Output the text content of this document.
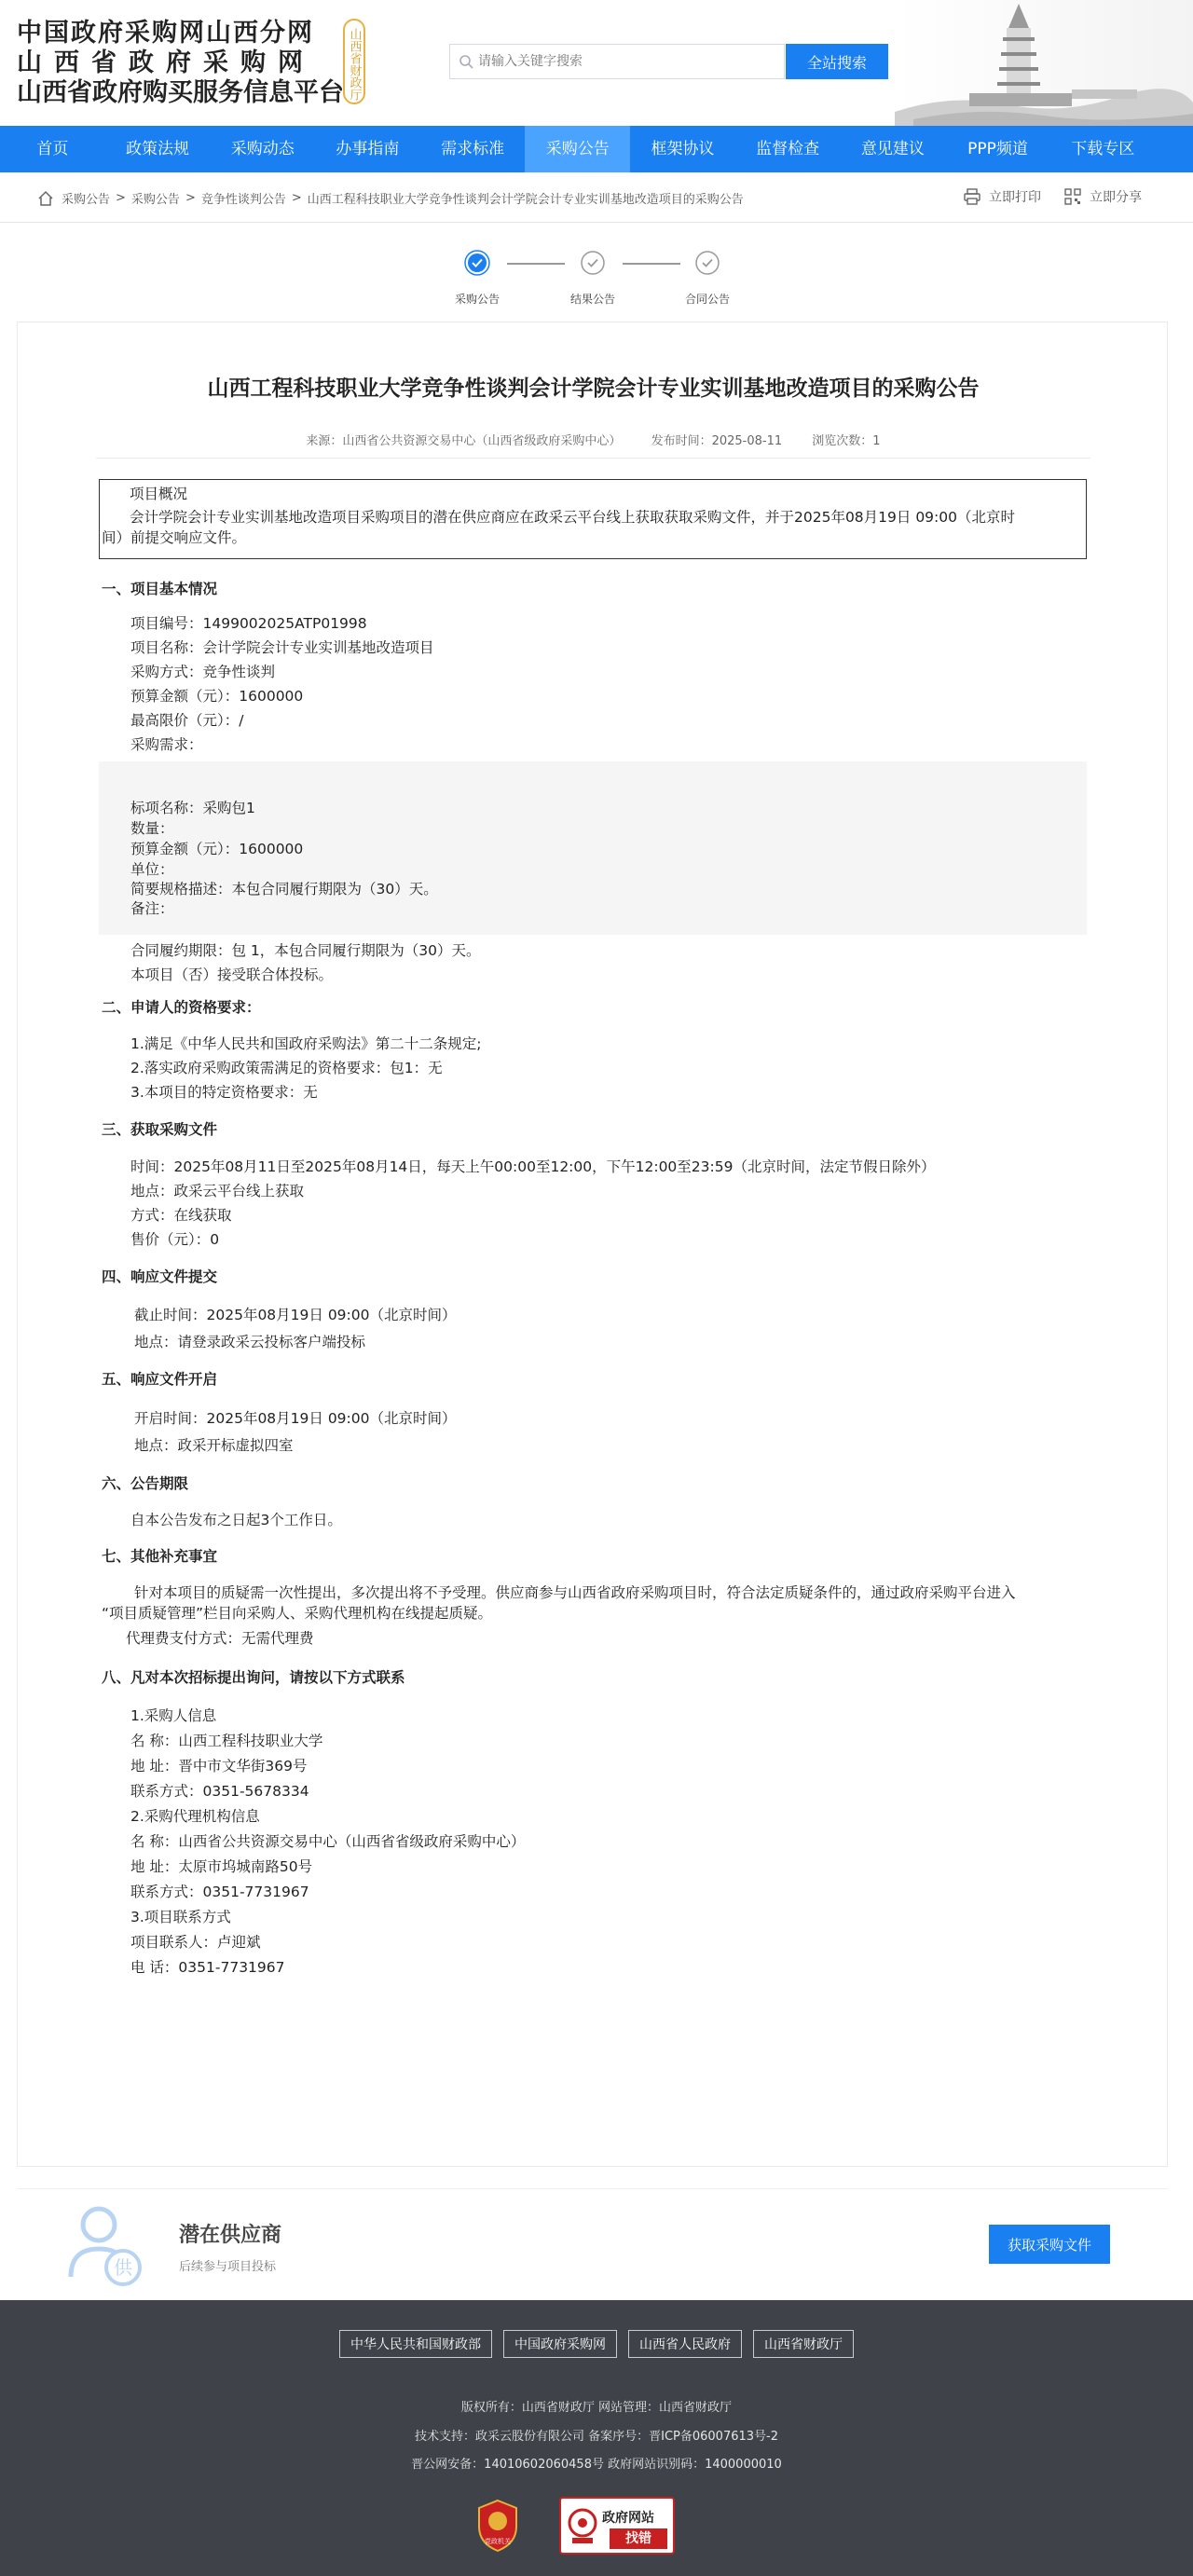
中国政府采购网山西分网
山西省政府采购网
山西省政府购买服务信息平台 山西省财政厅
请输入关键字搜索	全站搜索
首页	政策法规	采购动态	办事指南	需求标准	采购公告	框架协议	监督检查	意见建议	PPP频道	下载专区
采购公告 > 采购公告 > 竞争性谈判公告 > 山西工程科技职业大学竞争性谈判会计学院会计专业实训基地改造项目的采购公告	立即打印	立即分享
采购公告	结果公告	合同公告
山西工程科技职业大学竞争性谈判会计学院会计专业实训基地改造项目的采购公告
来源：山西省公共资源交易中心（山西省级政府采购中心） 发布时间：2025-08-11 浏览次数：1
项目概况
会计学院会计专业实训基地改造项目采购项目的潜在供应商应在政采云平台线上获取获取采购文件，并于2025年08月19日 09:00（北京时
间）前提交响应文件。
一、项目基本情况
项目编号：1499002025ATP01998
项目名称：会计学院会计专业实训基地改造项目
采购方式：竞争性谈判
预算金额（元）：1600000
最高限价（元）：/
采购需求：
标项名称：采购包1
数量：
预算金额（元）：1600000
单位：
简要规格描述：本包合同履行期限为（30）天。
备注：
合同履约期限：包 1，本包合同履行期限为（30）天。
本项目（否）接受联合体投标。
二、申请人的资格要求：
1.满足《中华人民共和国政府采购法》第二十二条规定;
2.落实政府采购政策需满足的资格要求：包1：无
3.本项目的特定资格要求：无
三、获取采购文件
时间：2025年08月11日至2025年08月14日，每天上午00:00至12:00，下午12:00至23:59（北京时间，法定节假日除外）
地点：政采云平台线上获取
方式：在线获取
售价（元）：0
四、响应文件提交
截止时间：2025年08月19日 09:00（北京时间）
地点：请登录政采云投标客户端投标
五、响应文件开启
开启时间：2025年08月19日 09:00（北京时间）
地点：政采开标虚拟四室
六、公告期限
自本公告发布之日起3个工作日。
七、其他补充事宜
针对本项目的质疑需一次性提出，多次提出将不予受理。供应商参与山西省政府采购项目时，符合法定质疑条件的，通过政府采购平台进入
“项目质疑管理”栏目向采购人、采购代理机构在线提起质疑。
代理费支付方式：无需代理费
八、凡对本次招标提出询问，请按以下方式联系
1.采购人信息
名 称：山西工程科技职业大学
地 址：晋中市文华街369号
联系方式：0351-5678334
2.采购代理机构信息
名 称：山西省公共资源交易中心（山西省省级政府采购中心）
地 址：太原市坞城南路50号
联系方式：0351-7731967
3.项目联系方式
项目联系人：卢迎斌
电 话：0351-7731967
供
潜在供应商
后续参与项目投标
获取采购文件
中华人民共和国财政部	中国政府采购网	山西省人民政府	山西省财政厅
版权所有：山西省财政厅 网站管理：山西省财政厅
技术支持：政采云股份有限公司 备案序号：晋ICP备06007613号-2
晋公网安备：14010602060458号 政府网站识别码：1400000010
党政机关
政府网站
找错
